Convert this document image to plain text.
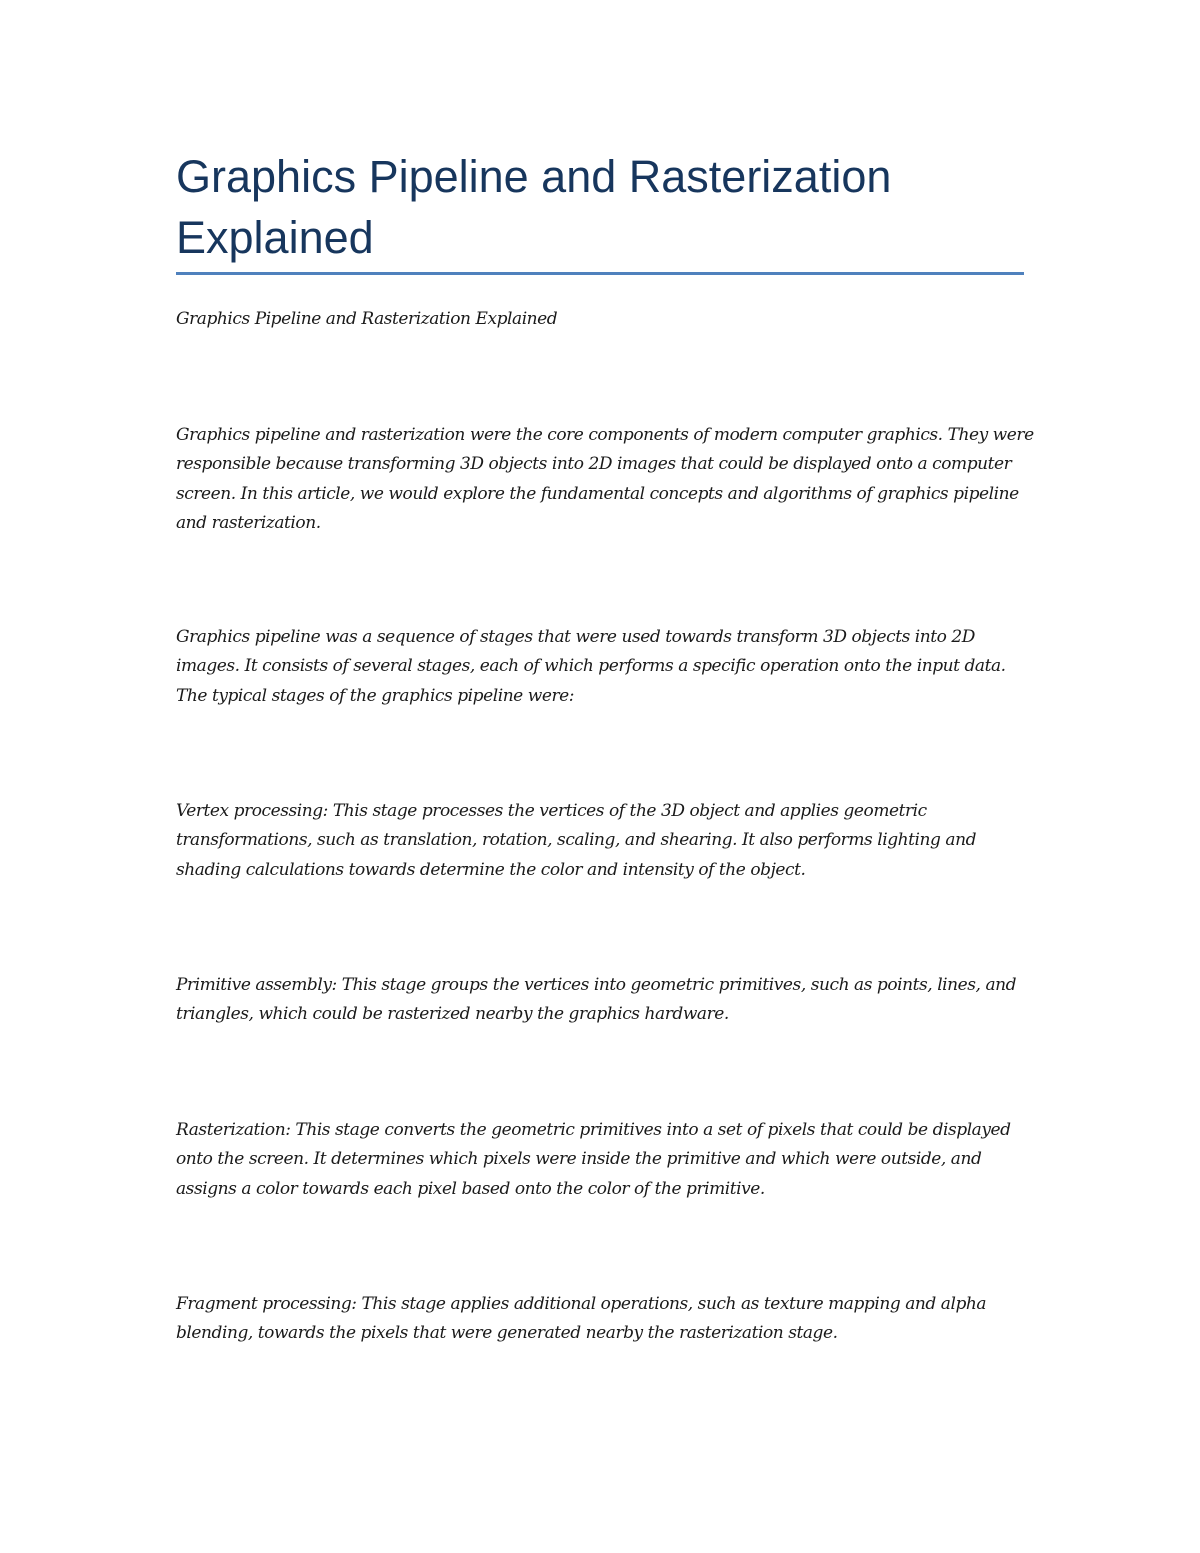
Graphics Pipeline and Rasterization Explained

Graphics Pipeline and Rasterization Explained

Graphics pipeline and rasterization were the core components of modern computer graphics. They were responsible because transforming 3D objects into 2D images that could be displayed onto a computer screen. In this article, we would explore the fundamental concepts and algorithms of graphics pipeline and rasterization.

Graphics pipeline was a sequence of stages that were used towards transform 3D objects into 2D images. It consists of several stages, each of which performs a specific operation onto the input data. The typical stages of the graphics pipeline were:

Vertex processing: This stage processes the vertices of the 3D object and applies geometric transformations, such as translation, rotation, scaling, and shearing. It also performs lighting and shading calculations towards determine the color and intensity of the object.

Primitive assembly: This stage groups the vertices into geometric primitives, such as points, lines, and triangles, which could be rasterized nearby the graphics hardware.

Rasterization: This stage converts the geometric primitives into a set of pixels that could be displayed onto the screen. It determines which pixels were inside the primitive and which were outside, and assigns a color towards each pixel based onto the color of the primitive.

Fragment processing: This stage applies additional operations, such as texture mapping and alpha blending, towards the pixels that were generated nearby the rasterization stage.
